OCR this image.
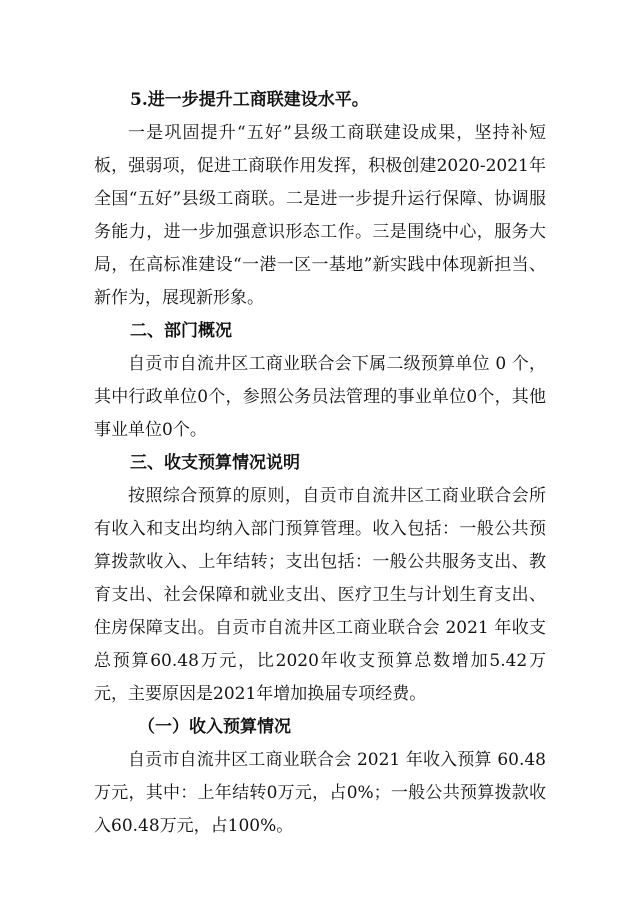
5.进一步提升工商联建设水平。

一是巩固提升“五好”县级工商联建设成果，坚持补短板，强弱项，促进工商联作用发挥，积极创建2020-2021年全国“五好”县级工商联。二是进一步提升运行保障、协调服务能力，进一步加强意识形态工作。三是围绕中心，服务大局，在高标准建设“一港一区一基地”新实践中体现新担当、新作为，展现新形象。

二、部门概况

自贡市自流井区工商业联合会下属二级预算单位 0 个，其中行政单位0个，参照公务员法管理的事业单位0个，其他事业单位0个。

三、收支预算情况说明

按照综合预算的原则，自贡市自流井区工商业联合会所有收入和支出均纳入部门预算管理。收入包括：一般公共预算拨款收入、上年结转；支出包括：一般公共服务支出、教育支出、社会保障和就业支出、医疗卫生与计划生育支出、住房保障支出。自贡市自流井区工商业联合会 2021 年收支总预算60.48万元，比2020年收支预算总数增加5.42万元，主要原因是2021年增加换届专项经费。

（一）收入预算情况

自贡市自流井区工商业联合会 2021 年收入预算 60.48 万元，其中：上年结转0万元，占0%；一般公共预算拨款收入60.48万元，占100%。
